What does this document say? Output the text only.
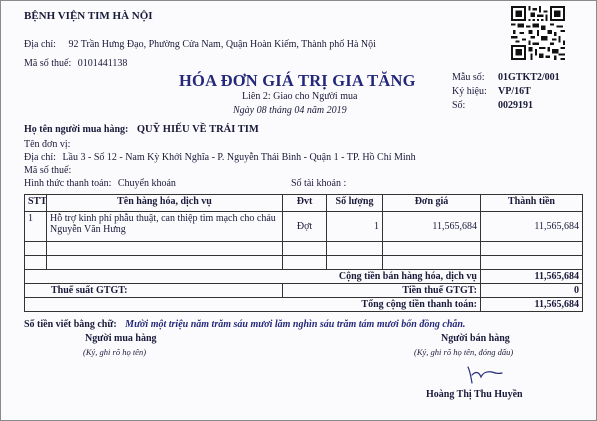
BỆNH VIỆN TIM HÀ NỘI
Địa chỉ: 92 Trần Hưng Đạo, Phường Cửa Nam, Quận Hoàn Kiếm, Thành phố Hà Nội
Mã số thuế: 0101441138
HÓA ĐƠN GIÁ TRỊ GIA TĂNG
Liên 2: Giao cho Người mua
Ngày 08 tháng 04 năm 2019
Mẫu số: 01GTKT2/001
Ký hiệu: VP/16T
Số:	0029191
Họ tên người mua hàng: QUỸ HIẾU VỀ TRÁI TIM
Tên đơn vị:
Địa chỉ: Lầu 3 - Số 12 - Nam Kỳ Khởi Nghĩa - P. Nguyễn Thái Bình - Quận 1 - TP. Hồ Chí Minh
Mã số thuế:
Hình thức thanh toán: Chuyển khoản	Số tài khoản :
STT	Tên hàng hóa, dịch vụ	Đvt	Số lượng	Đơn giá	Thành tiền
1	Hỗ trợ kinh phí phẫu thuật, can thiệp tim mạch cho cháu Nguyễn Văn Hưng	Đợt	1	11,565,684	11,565,684

Cộng tiền bán hàng hóa, dịch vụ					11,565,684
Thuế suất GTGT:		Tiền thuế GTGT:			0
Tổng cộng tiền thanh toán:					11,565,684
Số tiền viết bằng chữ: Mười một triệu năm trăm sáu mươi lăm nghìn sáu trăm tám mươi bốn đồng chẵn.
Người mua hàng
(Ký, ghi rõ họ tên)
Người bán hàng
(Ký, ghi rõ họ tên, đóng dấu)
Hoàng Thị Thu Huyền
